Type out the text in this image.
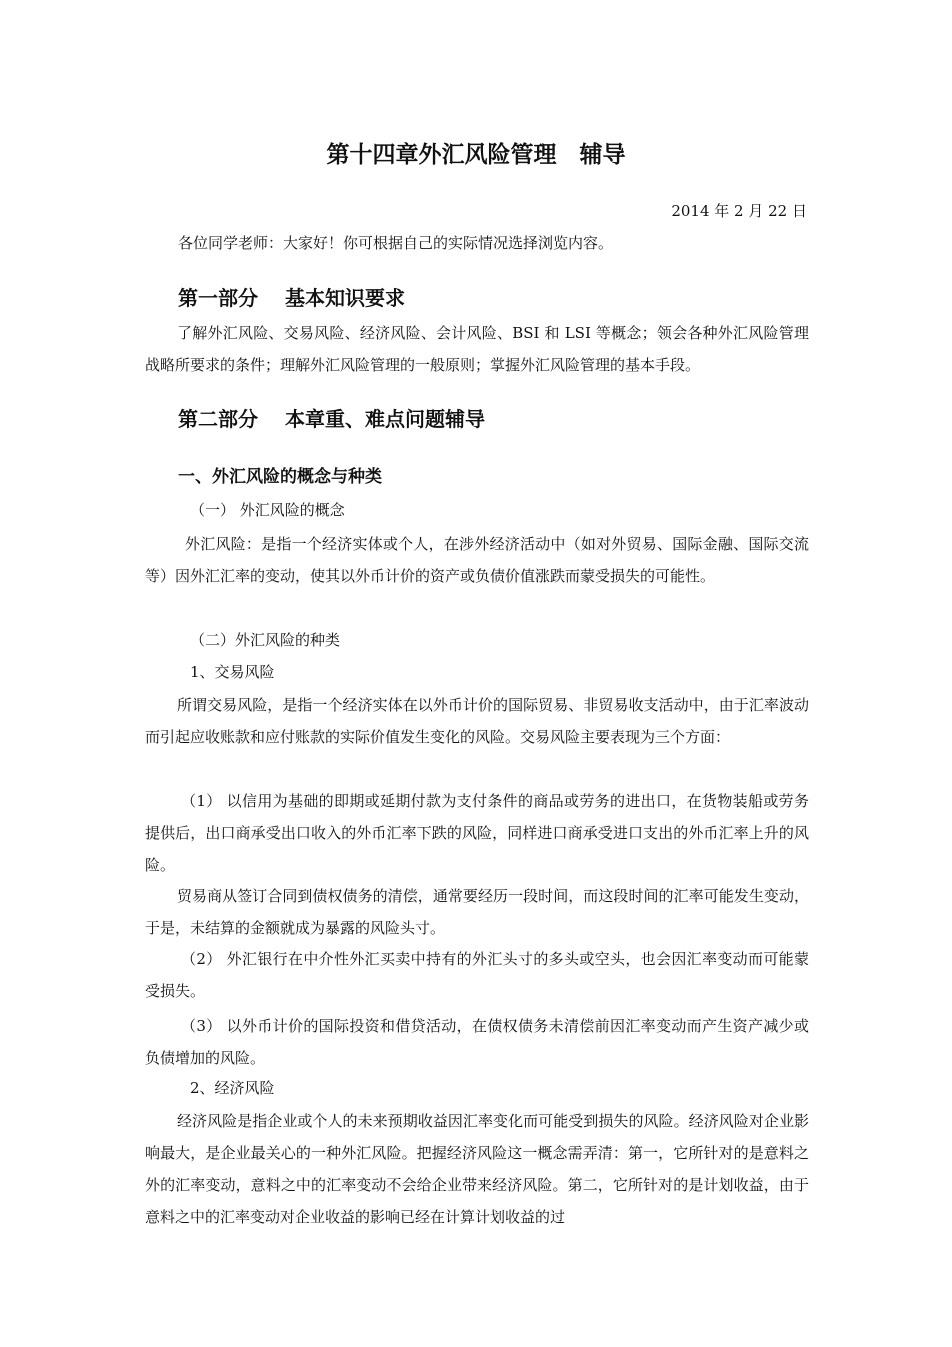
第十四章外汇风险管理　辅导
2014 年 2 月 22 日
各位同学老师：大家好！你可根据自己的实际情况选择浏览内容。
第一部分　 基本知识要求

了解外汇风险、交易风险、经济风险、会计风险、BSI 和 LSI 等概念；领会各种外汇风险管理战略所要求的条件；理解外汇风险管理的一般原则；掌握外汇风险管理的基本手段。

第二部分　 本章重、难点问题辅导
一、外汇风险的概念与种类
（一） 外汇风险的概念

外汇风险：是指一个经济实体或个人，在涉外经济活动中（如对外贸易、国际金融、国际交流等）因外汇汇率的变动，使其以外币计价的资产或负债价值涨跌而蒙受损失的可能性。

（二）外汇风险的种类
1、交易风险

所谓交易风险，是指一个经济实体在以外币计价的国际贸易、非贸易收支活动中，由于汇率波动而引起应收账款和应付账款的实际价值发生变化的风险。交易风险主要表现为三个方面：

（1） 以信用为基础的即期或延期付款为支付条件的商品或劳务的进出口，在货物装船或劳务提供后，出口商承受出口收入的外币汇率下跌的风险，同样进口商承受进口支出的外币汇率上升的风险。

贸易商从签订合同到债权债务的清偿，通常要经历一段时间，而这段时间的汇率可能发生变动，于是，未结算的金额就成为暴露的风险头寸。

（2） 外汇银行在中介性外汇买卖中持有的外汇头寸的多头或空头，也会因汇率变动而可能蒙受损失。

（3） 以外币计价的国际投资和借贷活动，在债权债务未清偿前因汇率变动而产生资产减少或负债增加的风险。

2、经济风险

经济风险是指企业或个人的未来预期收益因汇率变化而可能受到损失的风险。经济风险对企业影响最大，是企业最关心的一种外汇风险。把握经济风险这一概念需弄清：第一，它所针对的是意料之外的汇率变动，意料之中的汇率变动不会给企业带来经济风险。第二，它所针对的是计划收益，由于意料之中的汇率变动对企业收益的影响已经在计算计划收益的过
